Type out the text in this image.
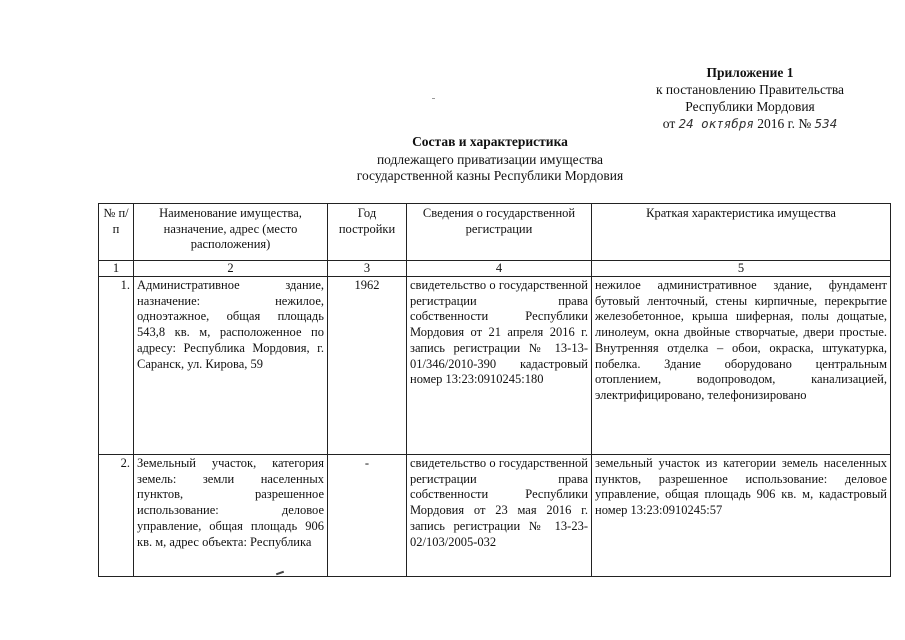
Приложение 1
к постановлению Правительства
Республики Мордовия
от 24 октября 2016 г. № 534
Состав и характеристика
подлежащего приватизации имущества
государственной казны Республики Мордовия
№ п/п	Наименование имущества, назначение, адрес (место расположения)	Год постройки	Сведения о государственной регистрации	Краткая характеристика имущества
1	2	3	4	5
1.	Административное здание, назначение: нежилое, одноэтажное, общая площадь 543,8 кв. м, расположенное по адресу: Республика Мордовия, г. Саранск, ул. Кирова, 59	1962	свидетельство о государственной регистрации права собственности Республики Мордовия от 21 апреля 2016 г. запись регистрации № 13-13-01/346/2010-390 кадастровый номер 13:23:0910245:180	нежилое административное здание, фундамент бутовый ленточный, стены кирпичные, перекрытие железобетонное, крыша шиферная, полы дощатые, линолеум, окна двойные створчатые, двери простые. Внутренняя отделка – обои, окраска, штукатурка, побелка. Здание оборудовано центральным отоплением, водопроводом, канализацией, электрифицировано, телефонизировано
2.	Земельный участок, категория земель: земли населенных пунктов, разрешенное использование: деловое управление, общая площадь 906 кв. м, адрес объекта: Республика	-	свидетельство о государственной регистрации права собственности Республики Мордовия от 23 мая 2016 г. запись регистрации № 13-23-02/103/2005-032	земельный участок из категории земель населенных пунктов, разрешенное использование: деловое управление, общая площадь 906 кв. м, кадастровый номер 13:23:0910245:57
